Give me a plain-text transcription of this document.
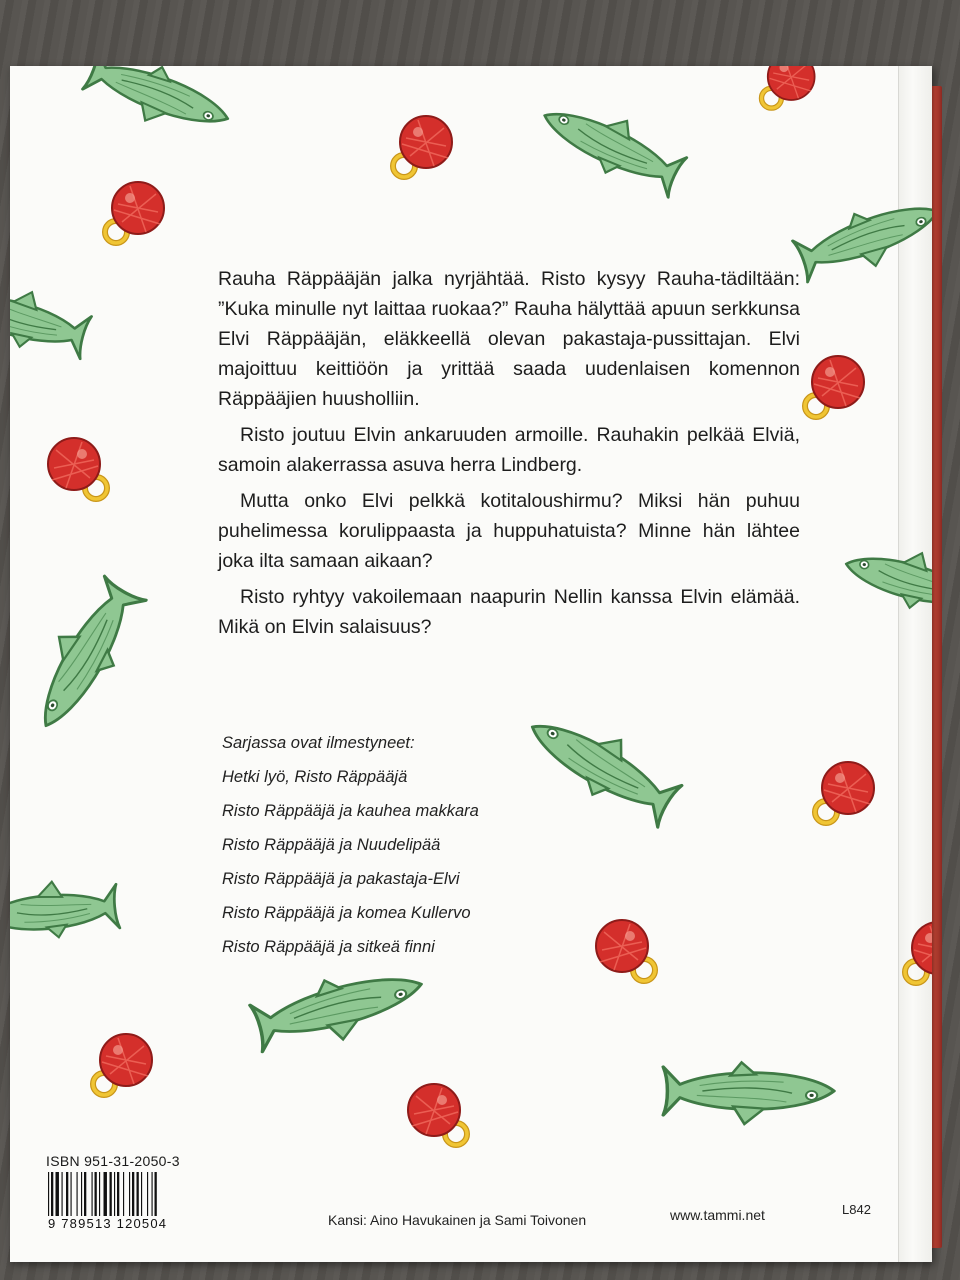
Rauha Räppääjän jalka nyrjähtää. Risto kysyy Rauha-tädiltään: ”Kuka minulle nyt laittaa ruokaa?” Rauha hälyttää apuun serkkunsa Elvi Räppääjän, eläkkeellä olevan pakastaja-pussittajan. Elvi majoittuu keittiöön ja yrittää saada uudenlaisen komennon Räppääjien huusholliin.

Risto joutuu Elvin ankaruuden armoille. Rauhakin pelkää Elviä, samoin alakerrassa asuva herra Lindberg.

Mutta onko Elvi pelkkä kotitaloushirmu? Miksi hän puhuu puhelimessa korulippaasta ja huppuhatuista? Minne hän lähtee joka ilta samaan aikaan?

Risto ryhtyy vakoilemaan naapurin Nellin kanssa Elvin elämää. Mikä on Elvin salaisuus?

Sarjassa ovat ilmestyneet:
Hetki lyö, Risto Räppääjä
Risto Räppääjä ja kauhea makkara
Risto Räppääjä ja Nuudelipää
Risto Räppääjä ja pakastaja-Elvi
Risto Räppääjä ja komea Kullervo
Risto Räppääjä ja sitkeä finni
ISBN 951-31-2050-3
9 789513 120504	Kansi: Aino Havukainen ja Sami Toivonen	www.tammi.net	L842
